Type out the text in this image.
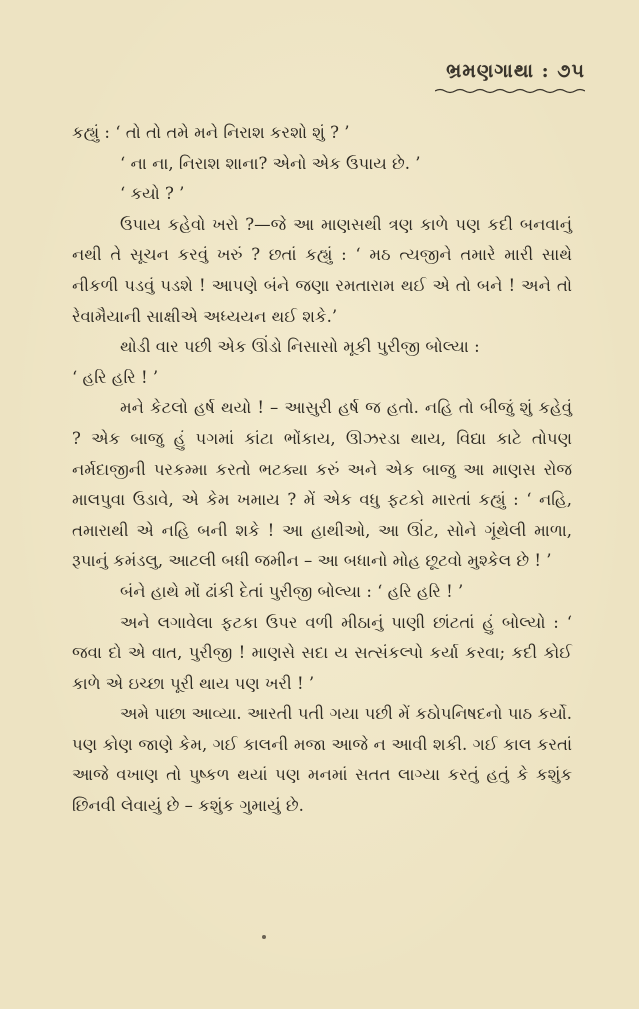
ભ્રમણગાથા : ૭૫

કહ્યું : ‘ તો તો તમે મને નિરાશ કરશો શું ? ’

‘ ના ના, નિરાશ શાના? એનો એક ઉપાય છે. ’

‘ કયો ? ’

ઉપાય કહેવો ખરો ?—જે આ માણસથી ત્રણ કાળે પણ કદી બનવાનું નથી તે સૂચન કરવું ખરું ? છતાં કહ્યું : ‘ મઠ ત્યજીને તમારે મારી સાથે નીકળી પડવું પડશે ! આપણે બંને જણા રમતારામ થઈ એ તો બને ! અને તો રેવામૈયાની સાક્ષીએ અધ્યયન થઈ શકે.’

થોડી વાર પછી એક ઊંડો નિસાસો મૂકી પુરીજી બોલ્યા :

‘ હરિ હરિ ! ’

મને કેટલો હર્ષ થયો ! – આસુરી હર્ષ જ હતો. નહિ તો બીજું શું કહેવું ? એક બાજુ હું પગમાં કાંટા ભોંકાય, ઊઝરડા થાય, વિદ્યા કાટે તોપણ નર્મદાજીની પરકમ્મા કરતો ભટક્યા કરું અને એક બાજુ આ માણસ રોજ માલપુવા ઉડાવે, એ કેમ ખમાય ? મેં એક વધુ ફટકો મારતાં કહ્યું : ‘ નહિ, તમારાથી એ નહિ બની શકે ! આ હાથીઓ, આ ઊંટ, સોને ગૂંથેલી માળા, રૂપાનું કમંડલુ, આટલી બધી જમીન – આ બધાનો મોહ છૂટવો મુશ્કેલ છે ! ’

બંને હાથે મોં ઢાંકી દેતાં પુરીજી બોલ્યા : ‘ હરિ હરિ ! ’

અને લગાવેલા ફટકા ઉપર વળી મીઠાનું પાણી છાંટતાં હું બોલ્યો : ‘ જવા દો એ વાત, પુરીજી ! માણસે સદા ય સત્સંકલ્પો કર્યા કરવા; કદી કોઈ કાળે એ ઇચ્છા પૂરી થાય પણ ખરી ! ’

અમે પાછા આવ્યા. આરતી પતી ગયા પછી મેં કઠોપનિષદનો પાઠ કર્યો. પણ કોણ જાણે કેમ, ગઈ કાલની મજા આજે ન આવી શકી. ગઈ કાલ કરતાં આજે વખાણ તો પુષ્કળ થયાં પણ મનમાં સતત લાગ્યા કરતું હતું કે કશુંક છિનવી લેવાયું છે – કશુંક ગુમાયું છે.
